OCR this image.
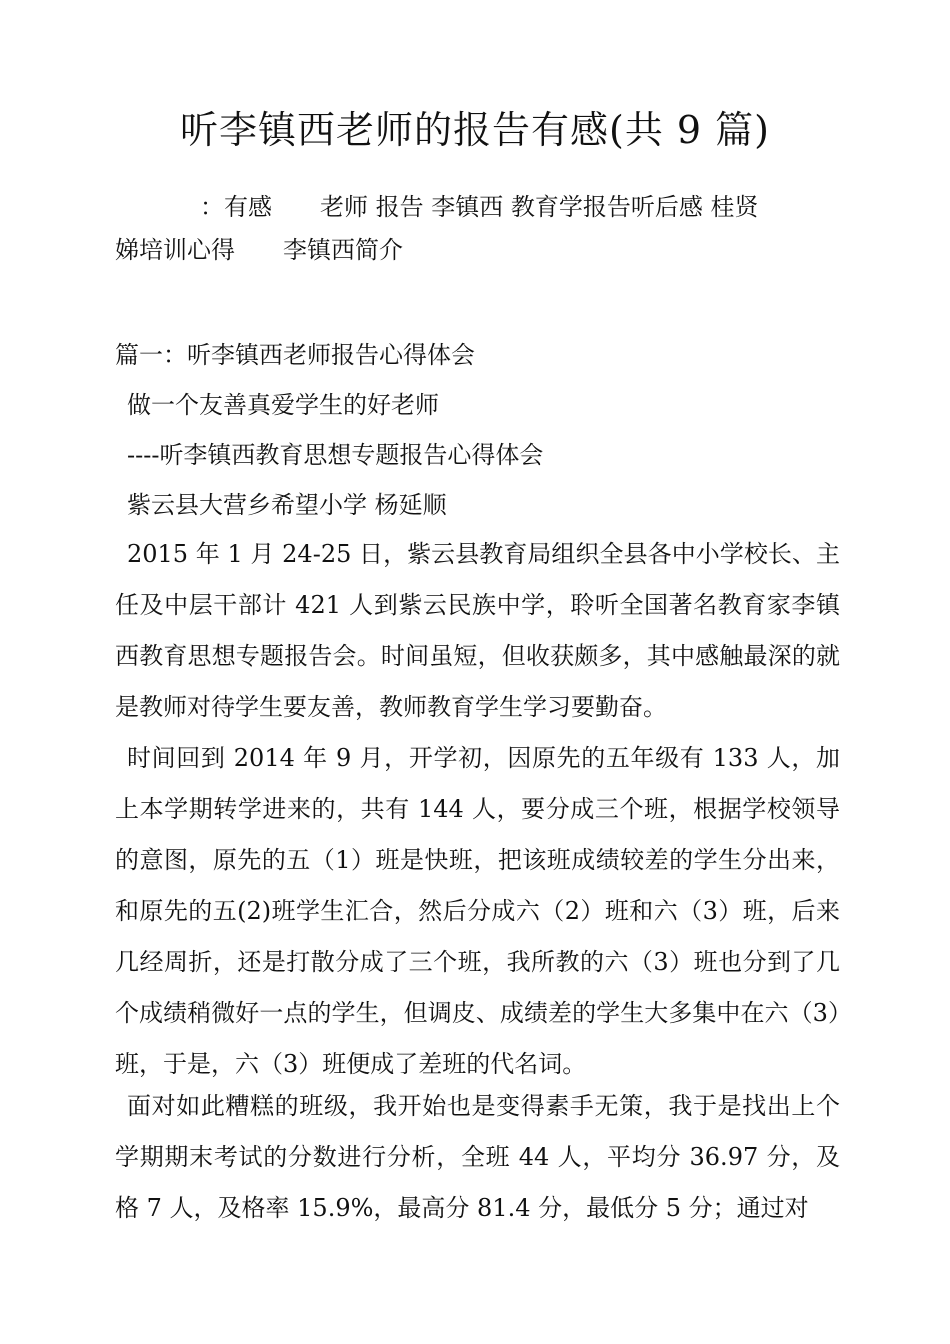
听李镇西老师的报告有感(共 9 篇)
：有感　　老师 报告 李镇西 教育学报告听后感 桂贤
娣培训心得　　李镇西简介
篇一：听李镇西老师报告心得体会
做一个友善真爱学生的好老师
----听李镇西教育思想专题报告心得体会
紫云县大营乡希望小学 杨延顺
2015 年 1 月 24-25 日，紫云县教育局组织全县各中小学校长、主任及中层干部计 421 人到紫云民族中学，聆听全国著名教育家李镇西教育思想专题报告会。时间虽短，但收获颇多，其中感触最深的就是教师对待学生要友善，教师教育学生学习要勤奋。
时间回到 2014 年 9 月，开学初，因原先的五年级有 133 人，加上本学期转学进来的，共有 144 人，要分成三个班，根据学校领导的意图，原先的五（1）班是快班，把该班成绩较差的学生分出来，和原先的五(2)班学生汇合，然后分成六（2）班和六（3）班，后来几经周折，还是打散分成了三个班，我所教的六（3）班也分到了几个成绩稍微好一点的学生，但调皮、成绩差的学生大多集中在六（3）班，于是，六（3）班便成了差班的代名词。
面对如此糟糕的班级，我开始也是变得素手无策，我于是找出上个学期期末考试的分数进行分析，全班 44 人，平均分 36.97 分，及格 7 人，及格率 15.9%，最高分 81.4 分，最低分 5 分；通过对
